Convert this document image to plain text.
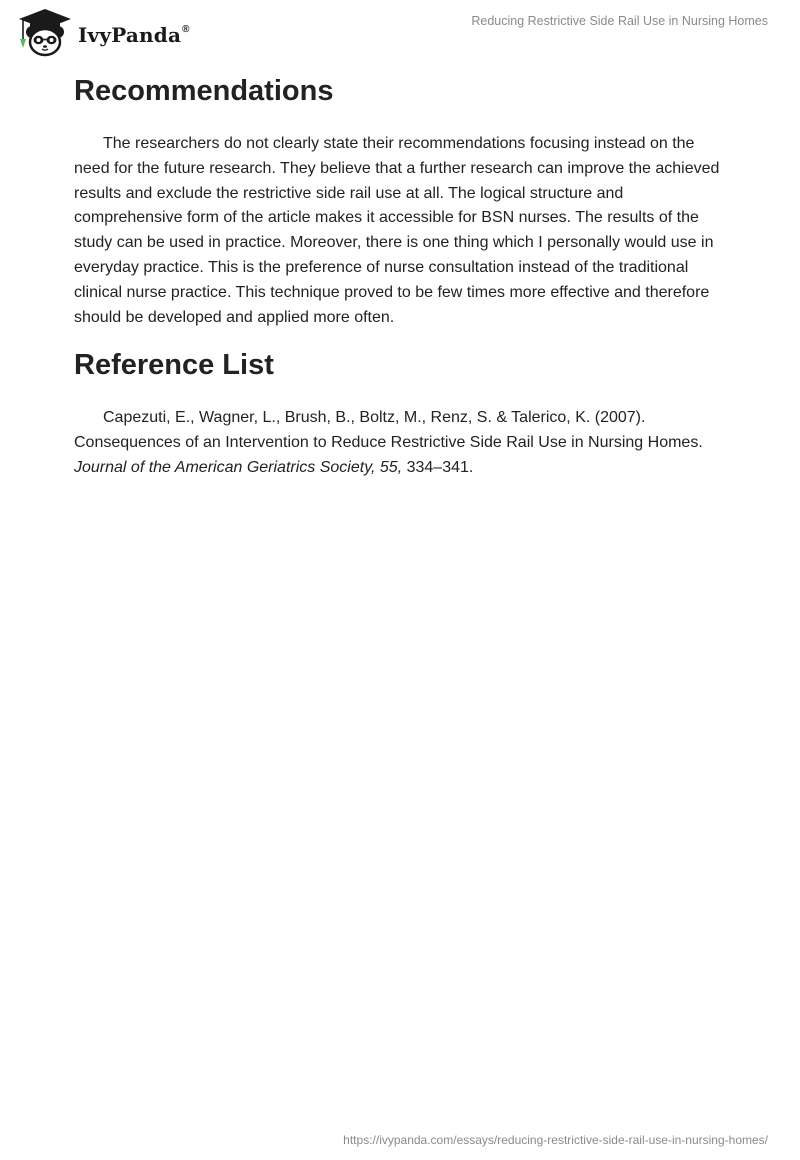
IvyPanda®
Reducing Restrictive Side Rail Use in Nursing Homes
Recommendations

The researchers do not clearly state their recommendations focusing instead on the need for the future research. They believe that a further research can improve the achieved results and exclude the restrictive side rail use at all. The logical structure and comprehensive form of the article makes it accessible for BSN nurses. The results of the study can be used in practice. Moreover, there is one thing which I personally would use in everyday practice. This is the preference of nurse consultation instead of the traditional clinical nurse practice. This technique proved to be few times more effective and therefore should be developed and applied more often.

Reference List

Capezuti, E., Wagner, L., Brush, B., Boltz, M., Renz, S. & Talerico, K. (2007). Consequences of an Intervention to Reduce Restrictive Side Rail Use in Nursing Homes. Journal of the American Geriatrics Society, 55, 334–341.

https://ivypanda.com/essays/reducing-restrictive-side-rail-use-in-nursing-homes/
